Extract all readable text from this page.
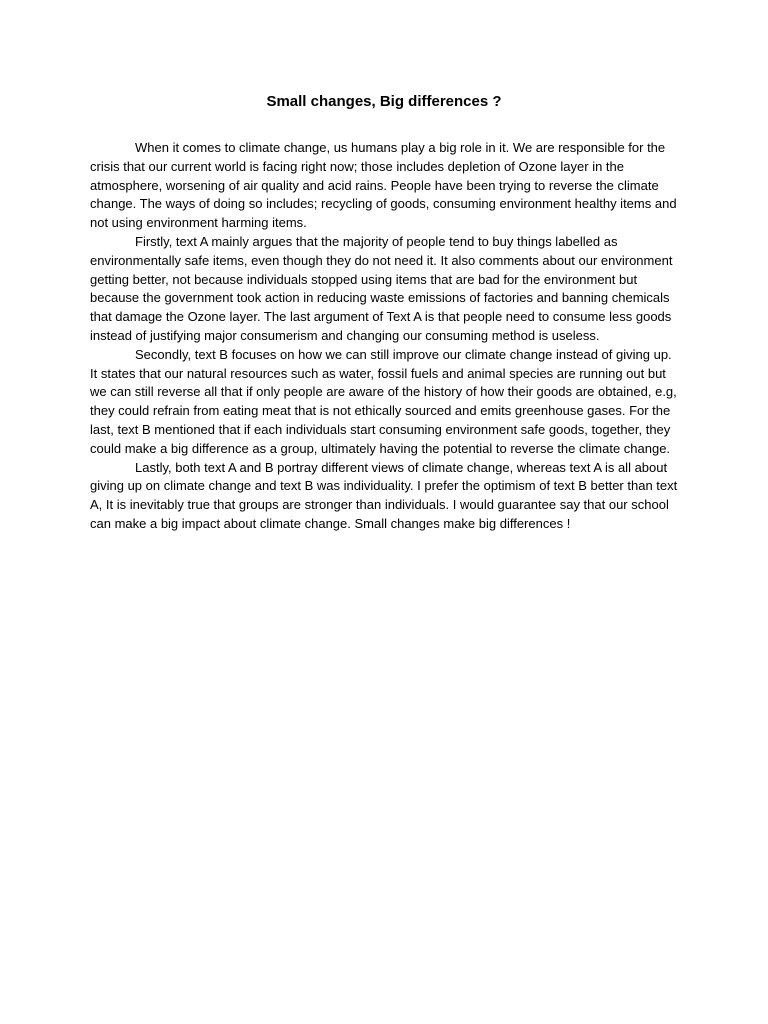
Small changes, Big differences ?

When it comes to climate change, us humans play a big role in it. We are responsible for the crisis that our current world is facing right now; those includes depletion of Ozone layer in the atmosphere, worsening of air quality and acid rains. People have been trying to reverse the climate change. The ways of doing so includes; recycling of goods, consuming environment healthy items and not using environment harming items.

Firstly, text A mainly argues that the majority of people tend to buy things labelled as environmentally safe items, even though they do not need it. It also comments about our environment getting better, not because individuals stopped using items that are bad for the environment but because the government took action in reducing waste emissions of factories and banning chemicals that damage the Ozone layer. The last argument of Text A is that people need to consume less goods instead of justifying major consumerism and changing our consuming method is useless.

Secondly, text B focuses on how we can still improve our climate change instead of giving up. It states that our natural resources such as water, fossil fuels and animal species are running out but we can still reverse all that if only people are aware of the history of how their goods are obtained, e.g, they could refrain from eating meat that is not ethically sourced and emits greenhouse gases. For the last, text B mentioned that if each individuals start consuming environment safe goods, together, they could make a big difference as a group, ultimately having the potential to reverse the climate change.

Lastly, both text A and B portray different views of climate change, whereas text A is all about giving up on climate change and text B was individuality. I prefer the optimism of text B better than text A, It is inevitably true that groups are stronger than individuals. I would guarantee say that our school can make a big impact about climate change. Small changes make big differences !
